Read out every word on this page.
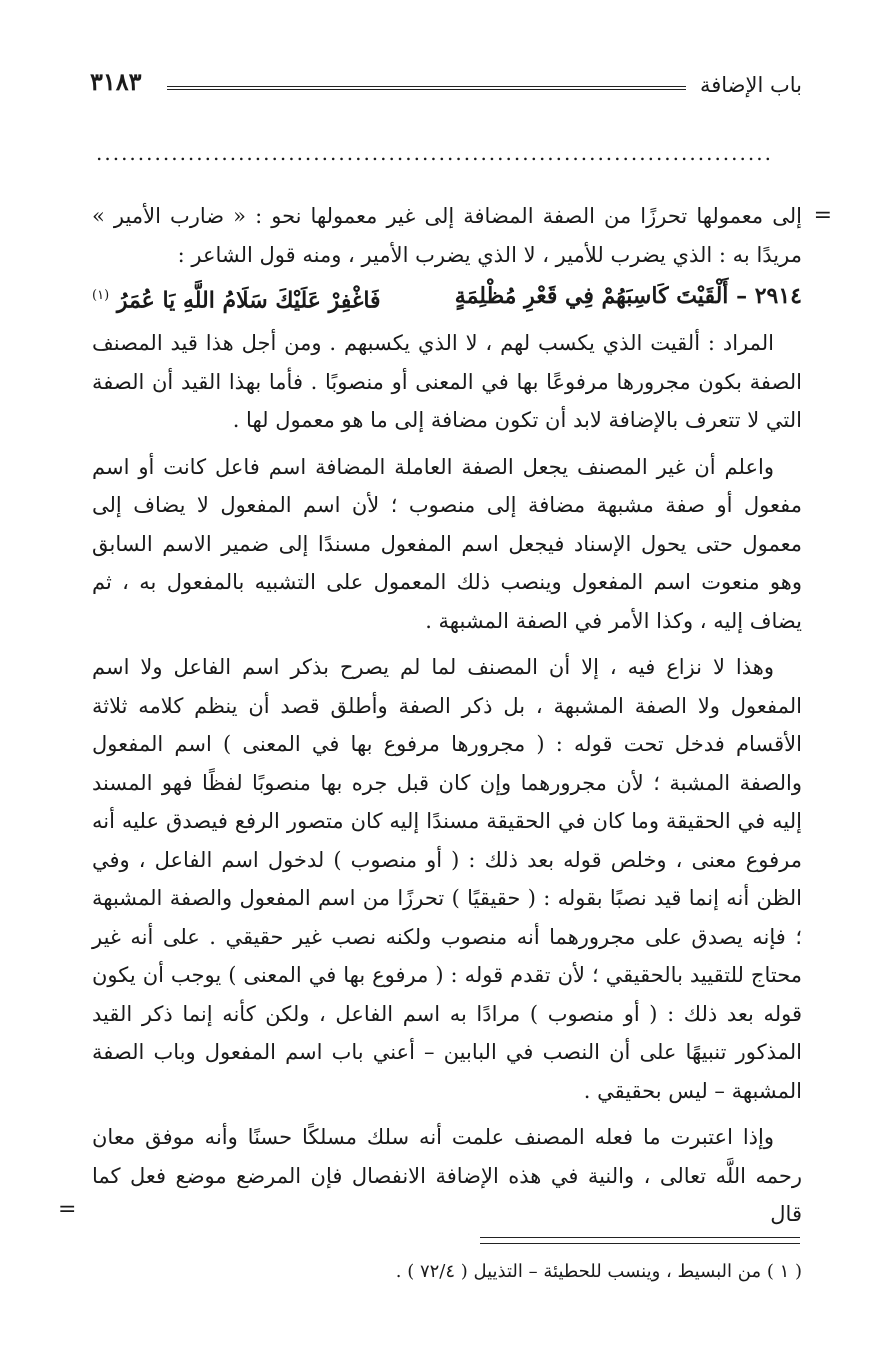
باب الإضافة
٣١٨٣
.................................................................................

=
إلى معمولها تحرزًا من الصفة المضافة إلى غير معمولها نحو : « ضارب الأمير » مريدًا به : الذي يضرب للأمير ، لا الذي يضرب الأمير ، ومنه قول الشاعر :

٢٩١٤ – أَلْقَيْتَ كَاسِبَهُمْ فِي قَعْرِ مُظْلِمَةٍ
فَاغْفِرْ عَلَيْكَ سَلَامُ اللَّهِ يَا عُمَرُ $^{(١)}$

المراد : ألقيت الذي يكسب لهم ، لا الذي يكسبهم . ومن أجل هذا قيد المصنف الصفة بكون مجرورها مرفوعًا بها في المعنى أو منصوبًا . فأما بهذا القيد أن الصفة التي لا تتعرف بالإضافة لابد أن تكون مضافة إلى ما هو معمول لها .

واعلم أن غير المصنف يجعل الصفة العاملة المضافة اسم فاعل كانت أو اسم مفعول أو صفة مشبهة مضافة إلى منصوب ؛ لأن اسم المفعول لا يضاف إلى معمول حتى يحول الإسناد فيجعل اسم المفعول مسندًا إلى ضمير الاسم السابق وهو منعوت اسم المفعول وينصب ذلك المعمول على التشبيه بالمفعول به ، ثم يضاف إليه ، وكذا الأمر في الصفة المشبهة .

وهذا لا نزاع فيه ، إلا أن المصنف لما لم يصرح بذكر اسم الفاعل ولا اسم المفعول ولا الصفة المشبهة ، بل ذكر الصفة وأطلق قصد أن ينظم كلامه ثلاثة الأقسام فدخل تحت قوله : ( مجرورها مرفوع بها في المعنى ) اسم المفعول والصفة المشبة ؛ لأن مجرورهما وإن كان قبل جره بها منصوبًا لفظًا فهو المسند إليه في الحقيقة وما كان في الحقيقة مسندًا إليه كان متصور الرفع فيصدق عليه أنه مرفوع معنى ، وخلص قوله بعد ذلك : ( أو منصوب ) لدخول اسم الفاعل ، وفي الظن أنه إنما قيد نصبًا بقوله : ( حقيقيًا ) تحرزًا من اسم المفعول والصفة المشبهة ؛ فإنه يصدق على مجرورهما أنه منصوب ولكنه نصب غير حقيقي . على أنه غير محتاج للتقييد بالحقيقي ؛ لأن تقدم قوله : ( مرفوع بها في المعنى ) يوجب أن يكون قوله بعد ذلك : ( أو منصوب ) مرادًا به اسم الفاعل ، ولكن كأنه إنما ذكر القيد المذكور تنبيهًا على أن النصب في البابين – أعني باب اسم المفعول وباب الصفة المشبهة – ليس بحقيقي .

وإذا اعتبرت ما فعله المصنف علمت أنه سلك مسلكًا حسنًا وأنه موفق معان رحمه اللَّه تعالى ، والنية في هذه الإضافة الانفصال فإن المرضع موضع فعل كما قال
=

( ١ ) من البسيط ، وينسب للحطيئة – التذييل ( ٧٢/٤ ) .
